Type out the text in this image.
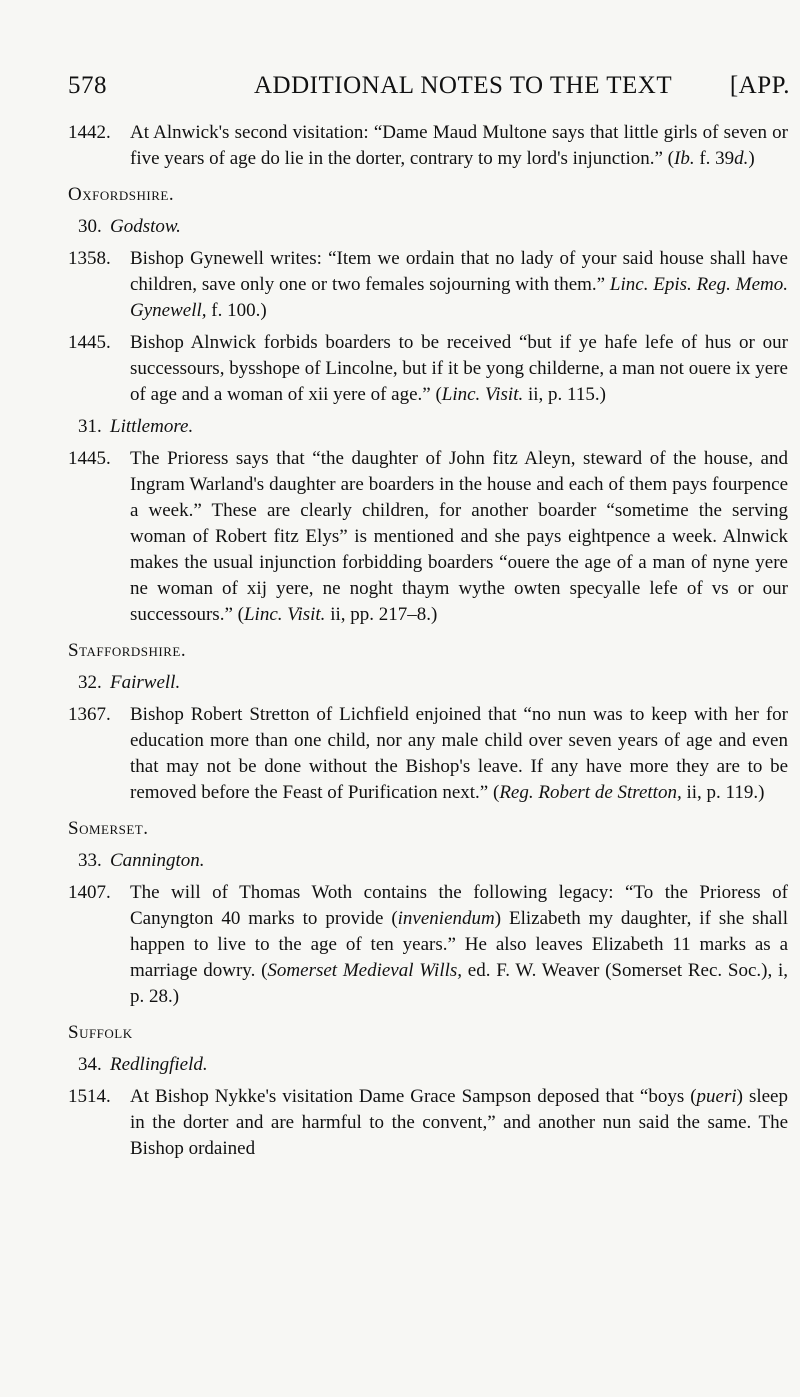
578	ADDITIONAL NOTES TO THE TEXT [APP.
1442.	At Alnwick's second visitation: “Dame Maud Multone says that little girls of seven or five years of age do lie in the dorter, contrary to my lord's injunction.” (Ib. f. 39d.)
Oxfordshire.
30. Godstow.
1358.	Bishop Gynewell writes: “Item we ordain that no lady of your said house shall have children, save only one or two females sojourning with them.” Linc. Epis. Reg. Memo. Gynewell, f. 100.)
1445.	Bishop Alnwick forbids boarders to be received “but if ye hafe lefe of hus or our successours, bysshope of Lincolne, but if it be yong childerne, a man not ouere ix yere of age and a woman of xii yere of age.” (Linc. Visit. ii, p. 115.)
31. Littlemore.
1445.	The Prioress says that “the daughter of John fitz Aleyn, steward of the house, and Ingram Warland's daughter are boarders in the house and each of them pays fourpence a week.” These are clearly children, for another boarder “sometime the serving woman of Robert fitz Elys” is mentioned and she pays eightpence a week. Alnwick makes the usual injunction forbidding boarders “ouere the age of a man of nyne yere ne woman of xij yere, ne noght thaym wythe owten specyalle lefe of vs or our successours.” (Linc. Visit. ii, pp. 217–8.)
Staffordshire.
32. Fairwell.
1367.	Bishop Robert Stretton of Lichfield enjoined that “no nun was to keep with her for education more than one child, nor any male child over seven years of age and even that may not be done without the Bishop's leave. If any have more they are to be removed before the Feast of Purification next.” (Reg. Robert de Stretton, ii, p. 119.)
Somerset.
33. Cannington.
1407.	The will of Thomas Woth contains the following legacy: “To the Prioress of Canyngton 40 marks to provide (inveniendum) Elizabeth my daughter, if she shall happen to live to the age of ten years.” He also leaves Elizabeth 11 marks as a marriage dowry. (Somerset Medieval Wills, ed. F. W. Weaver (Somerset Rec. Soc.), i, p. 28.)
Suffolk
34. Redlingfield.
1514.	At Bishop Nykke's visitation Dame Grace Sampson deposed that “boys (pueri) sleep in the dorter and are harmful to the convent,” and another nun said the same. The Bishop ordained
